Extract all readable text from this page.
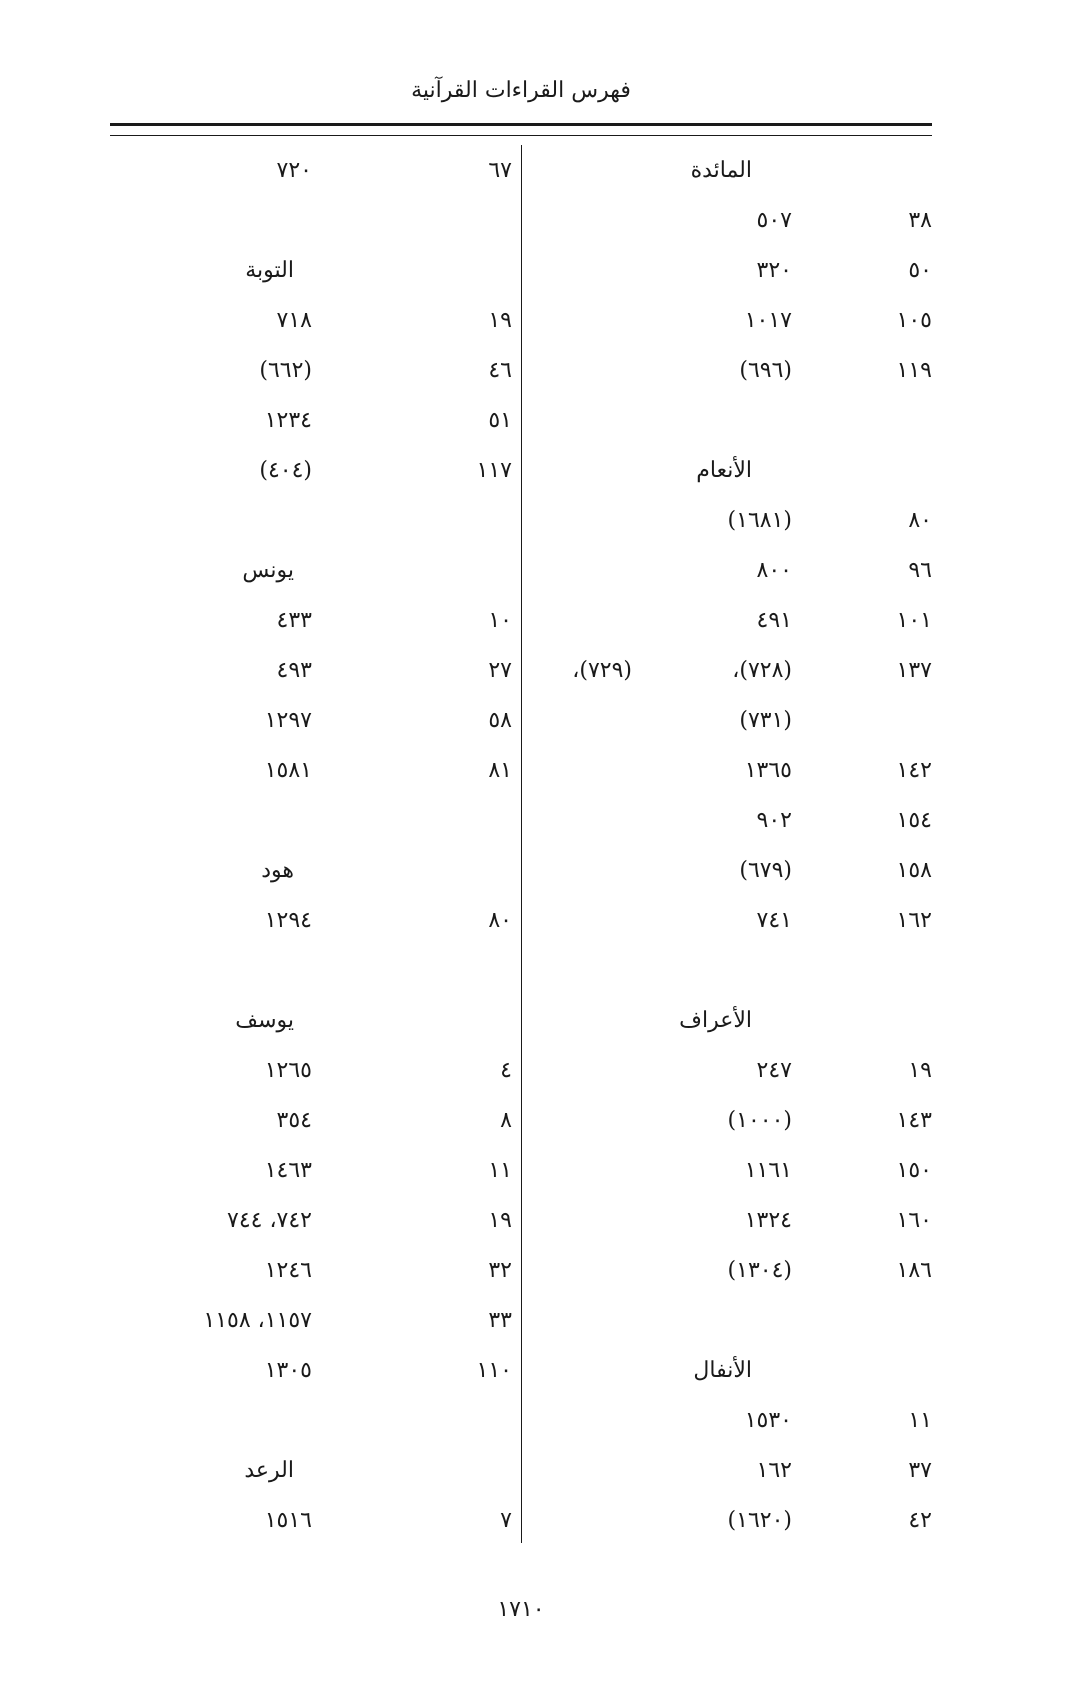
فهرس القراءات القرآنية
المائدة
٣٨
٥٠٧
٥٠
٣٢٠
١٠٥
١٠١٧
١١٩
(٦٩٦)
الأنعام
٨٠
(١٦٨١)
٩٦
٨٠٠
١٠١
٤٩١
١٣٧
(٧٢٨)،
(٧٢٩)،
(٧٣١)
١٤٢
١٣٦٥
١٥٤
٩٠٢
١٥٨
(٦٧٩)
١٦٢
٧٤١
الأعراف
١٩
٢٤٧
١٤٣
(١٠٠٠)
١٥٠
١١٦١
١٦٠
١٣٢٤
١٨٦
(١٣٠٤)
الأنفال
١١
١٥٣٠
٣٧
١٦٢
٤٢
(١٦٢٠)
٦٧
٧٢٠
التوبة
١٩
٧١٨
٤٦
(٦٦٢)
٥١
١٢٣٤
١١٧
(٤٠٤)
يونس
١٠
٤٣٣
٢٧
٤٩٣
٥٨
١٢٩٧
٨١
١٥٨١
هود
٨٠
١٢٩٤
يوسف
٤
١٢٦٥
٨
٣٥٤
١١
١٤٦٣
١٩
٧٤٢، ٧٤٤
٣٢
١٢٤٦
٣٣
١١٥٧، ١١٥٨
١١٠
١٣٠٥
الرعد
٧
١٥١٦
١٧١٠
